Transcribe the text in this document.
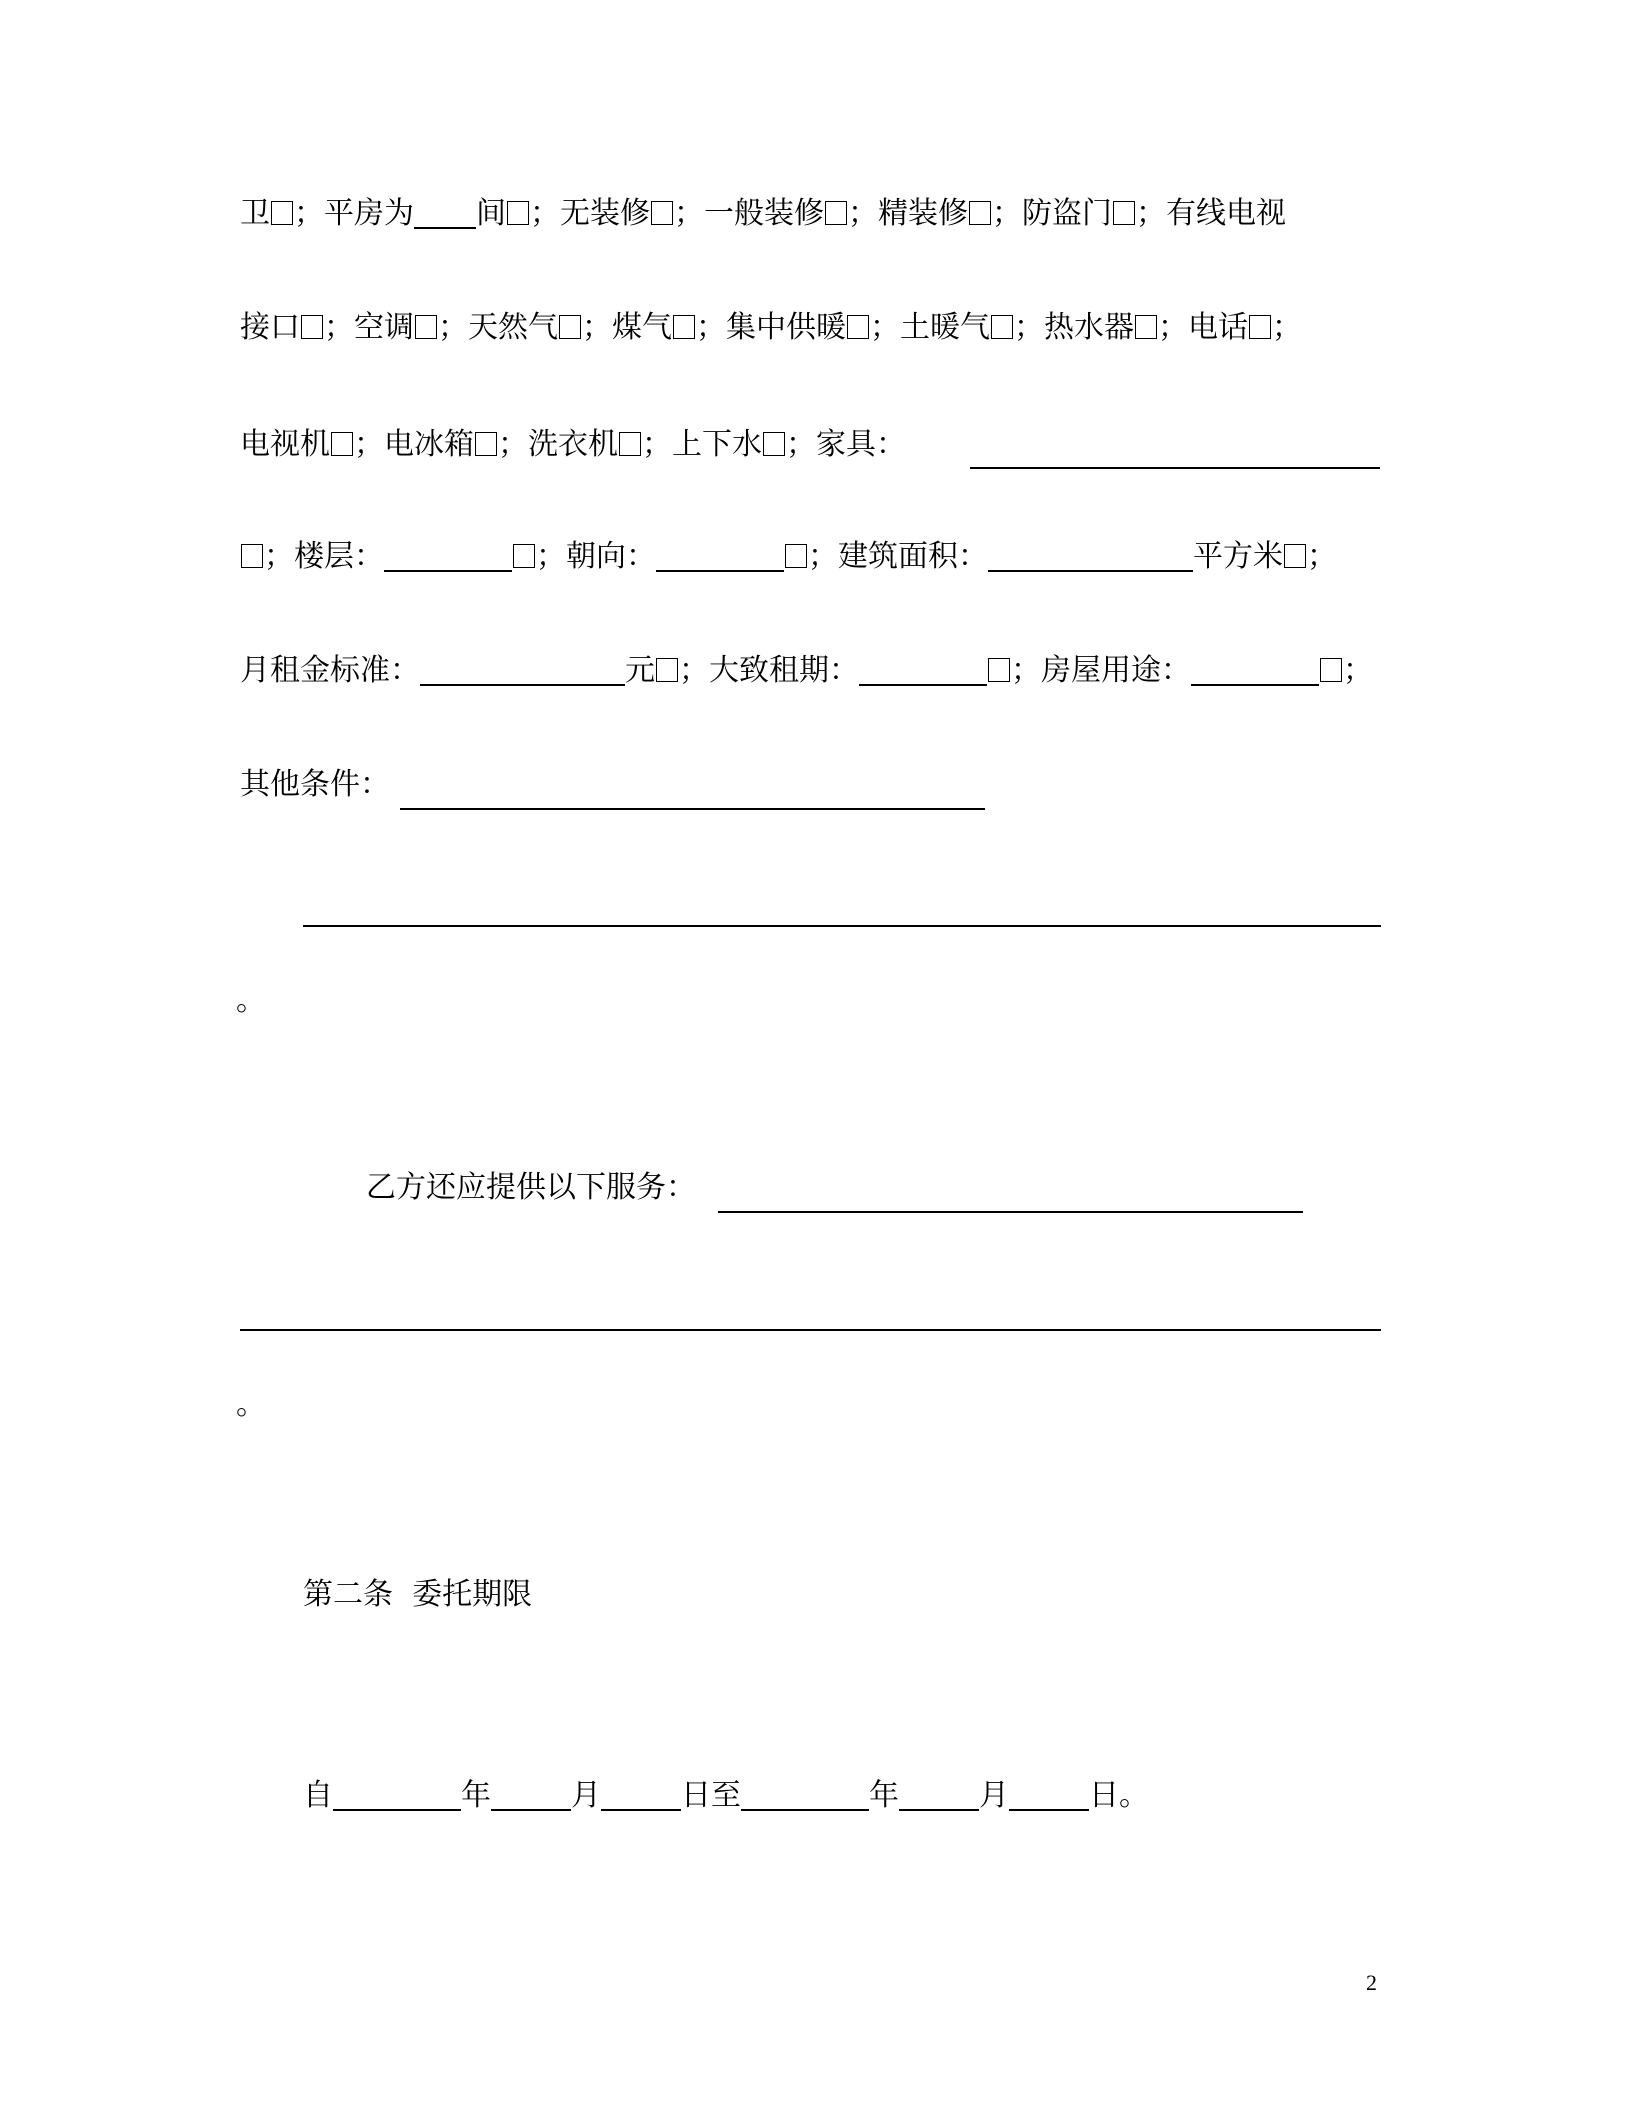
卫 ；平房为 间 ；无装修 ；一般装修 ；精装修 ；防盗门 ；有线电视
接口 ；空调 ；天然气 ；煤气 ；集中供暖 ；土暖气 ；热水器 ；电话 ；
电视机 ；电冰箱 ；洗衣机 ；上下水 ；家具：
；楼层：	；朝向：	；建筑面积：	平方米 ；
月租金标准：	元 ；大致租期：	；房屋用途：	；
其他条件：
。
乙方还应提供以下服务：
。
第二条  委托期限
自	年	月	日至	年	月	日。
2
